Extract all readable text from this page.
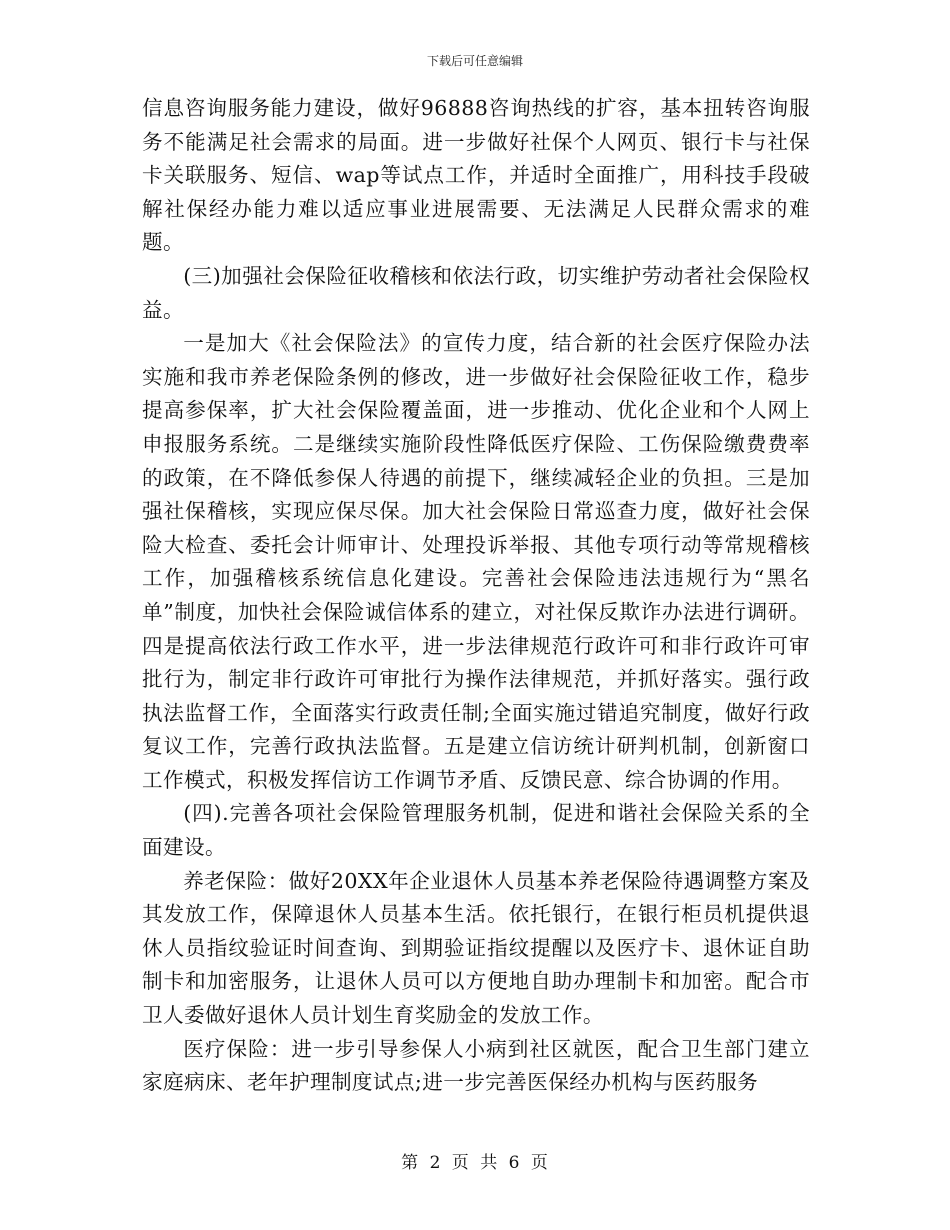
下载后可任意编辑

信息咨询服务能力建设，做好96888咨询热线的扩容，基本扭转咨询服务不能满足社会需求的局面。进一步做好社保个人网页、银行卡与社保卡关联服务、短信、wap等试点工作，并适时全面推广，用科技手段破解社保经办能力难以适应事业进展需要、无法满足人民群众需求的难题。

(三)加强社会保险征收稽核和依法行政，切实维护劳动者社会保险权益。

一是加大《社会保险法》的宣传力度，结合新的社会医疗保险办法实施和我市养老保险条例的修改，进一步做好社会保险征收工作，稳步提高参保率，扩大社会保险覆盖面，进一步推动、优化企业和个人网上申报服务系统。二是继续实施阶段性降低医疗保险、工伤保险缴费费率的政策，在不降低参保人待遇的前提下，继续减轻企业的负担。三是加强社保稽核，实现应保尽保。加大社会保险日常巡查力度，做好社会保险大检查、委托会计师审计、处理投诉举报、其他专项行动等常规稽核工作，加强稽核系统信息化建设。完善社会保险违法违规行为“黑名单”制度，加快社会保险诚信体系的建立，对社保反欺诈办法进行调研。四是提高依法行政工作水平，进一步法律规范行政许可和非行政许可审批行为，制定非行政许可审批行为操作法律规范，并抓好落实。强行政执法监督工作，全面落实行政责任制;全面实施过错追究制度，做好行政复议工作，完善行政执法监督。五是建立信访统计研判机制，创新窗口工作模式，积极发挥信访工作调节矛盾、反馈民意、综合协调的作用。

(四).完善各项社会保险管理服务机制，促进和谐社会保险关系的全面建设。

养老保险：做好20XX年企业退休人员基本养老保险待遇调整方案及其发放工作，保障退休人员基本生活。依托银行，在银行柜员机提供退休人员指纹验证时间查询、到期验证指纹提醒以及医疗卡、退休证自助制卡和加密服务，让退休人员可以方便地自助办理制卡和加密。配合市卫人委做好退休人员计划生育奖励金的发放工作。

医疗保险：进一步引导参保人小病到社区就医，配合卫生部门建立家庭病床、老年护理制度试点;进一步完善医保经办机构与医药服务

第 2 页 共 6 页
